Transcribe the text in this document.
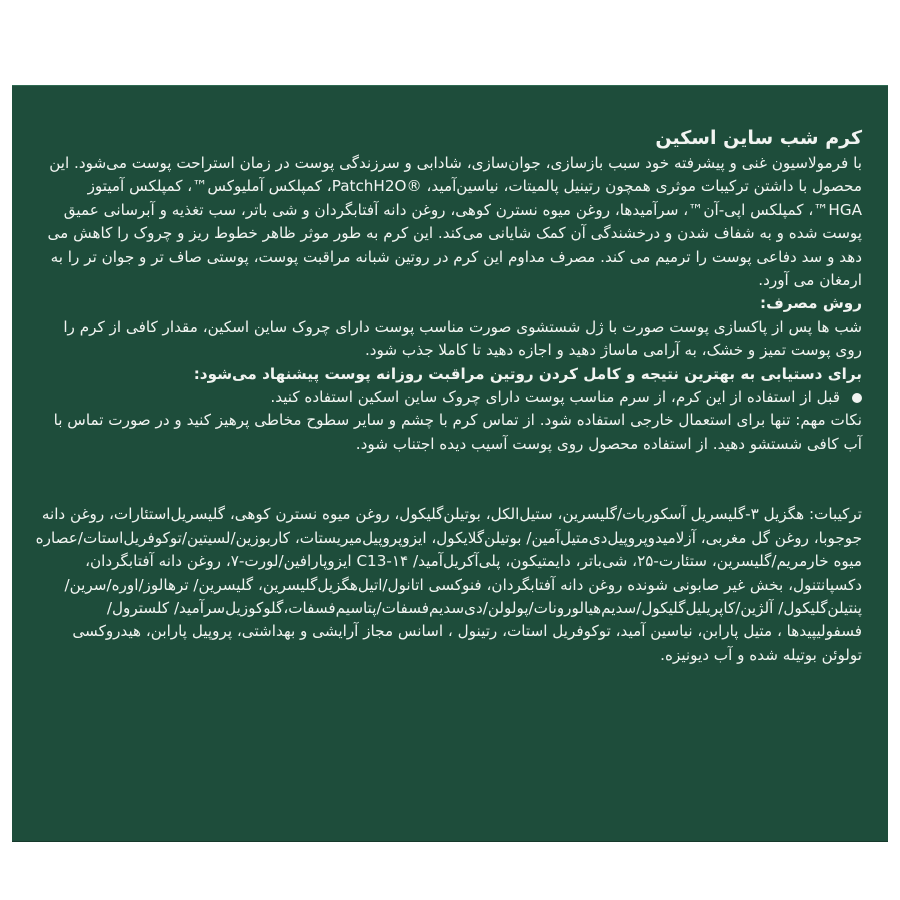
کرم شب ساین اسکین

با فرمولاسیون غنی و پیشرفته خود سبب بازسازی، جوان‌سازی، شادابی و سرزندگی پوست در زمان استراحت پوست می‌شود. این محصول با داشتن ترکیبات موثری همچون رتینیل پالمیتات، نیاسین‌آمید، ®PatchH2O، کمپلکس آملیوکس™، کمپلکس آمیتوز HGA™، کمپلکس اپی-آن™، سرآمیدها، روغن میوه نسترن کوهی، روغن دانه آفتابگردان و شی باتر، سب تغذیه و آبرسانی عمیق پوست شده و به شفاف شدن و درخشندگی آن کمک شایانی می‌کند. این کرم به طور موثر ظاهر خطوط ریز و چروک را کاهش می دهد و سد دفاعی پوست را ترمیم می کند. مصرف مداوم این کرم در روتین شبانه مراقبت پوست، پوستی صاف تر و جوان تر را به ارمغان می آورد.

روش مصرف:

شب ها پس از پاکسازی پوست صورت با ژل شستشوی صورت مناسب پوست دارای چروک ساین اسکین، مقدار کافی از کرم را روی پوست تمیز و خشک، به آرامی ماساژ دهید و اجازه دهید تا کاملا جذب شود.

برای دستیابی به بهترین نتیجه و کامل کردن روتین مراقبت روزانه پوست پیشنهاد می‌شود:

قبل از استفاده از این کرم، از سرم مناسب پوست دارای چروک ساین اسکین استفاده کنید.

نکات مهم: تنها برای استعمال خارجی استفاده شود. از تماس کرم با چشم و سایر سطوح مخاطی پرهیز کنید و در صورت تماس با آب کافی شستشو دهید. از استفاده محصول روی پوست آسیب دیده اجتناب شود.

ترکیبات: هگزیل ۳-گلیسریل آسکوربات/گلیسرین، ستیل‌الکل، بوتیلن‌گلیکول، روغن میوه نسترن کوهی، گلیسریل‌استئارات، روغن دانه جوجوبا، روغن گل مغربی، آزلامیدوپروپیل‌دی‌متیل‌آمین/ بوتیلن‌گلایکول، ایزوپروپیل‌میریستات، کاربوزین/لسیتین/توکوفریل‌استات/عصاره میوه خارمریم/گلیسرین، ستئارت-۲۵، شی‌باتر، دایمتیکون، پلی‌آکریل‌آمید/ C13-۱۴ ایزوپارافین/لورت-۷، روغن دانه آفتابگردان، دکسپانتنول، بخش غیر صابونی شونده روغن دانه آفتابگردان، فنوکسی اتانول/اتیل‌هگزیل‌گلیسرین، گلیسرین/ ترهالوز/اوره/سرین/ پنتیلن‌گلیکول/ آلژین/کاپریلیل‌گلیکول/سدیم‌هیالورونات/پولولن/دی‌سدیم‌فسفات/پتاسیم‌فسفات،گلوکوزیل‌سرآمید/ کلسترول/فسفولیپیدها ، متیل پارابن، نیاسین آمید، توکوفریل استات، رتینول ، اسانس مجاز آرایشی و بهداشتی، پروپیل پارابن، هیدروکسی تولوئن بوتیله شده و آب دیونیزه.
